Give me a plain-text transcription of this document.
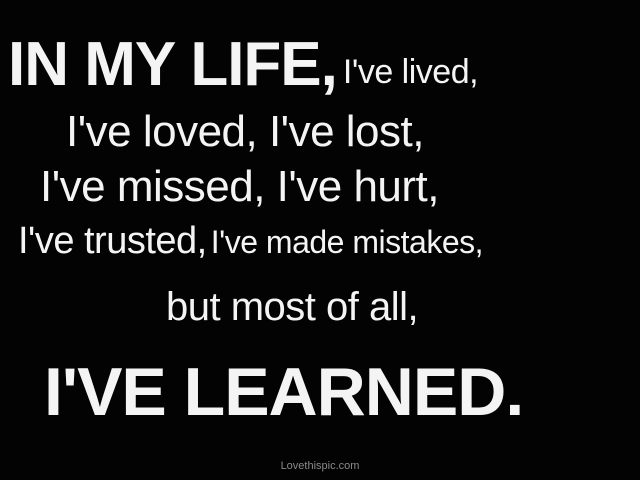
IN MY LIFE, I've lived,
I've loved, I've lost,
I've missed, I've hurt,
I've trusted, I've made mistakes,
but most of all,
I'VE LEARNED.
Lovethispic.com
